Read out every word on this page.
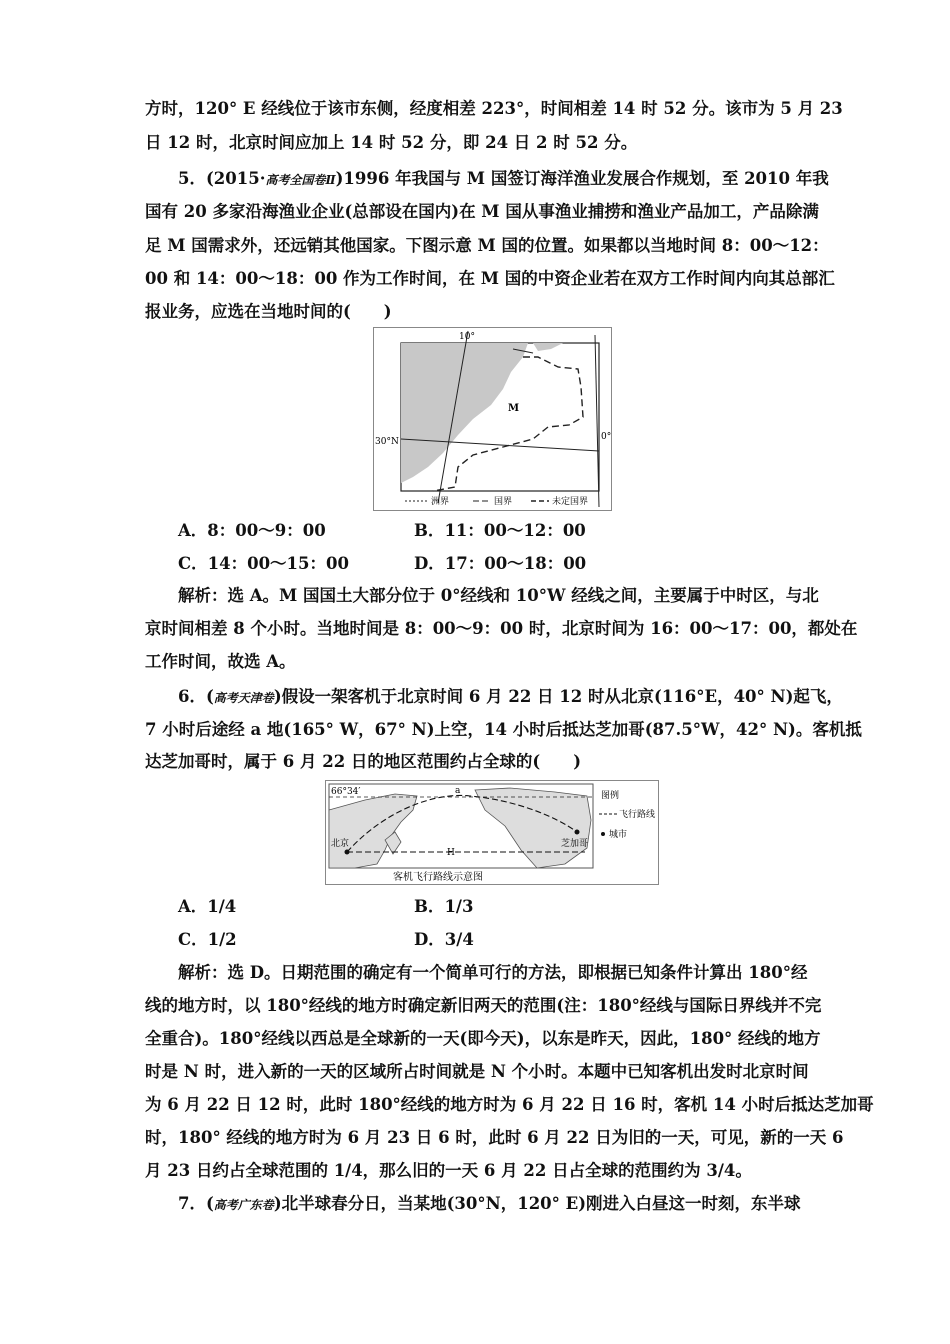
方时，120° E 经线位于该市东侧，经度相差 223°，时间相差 14 时 52 分。该市为 5 月 23
日 12 时，北京时间应加上 14 时 52 分，即 24 日 2 时 52 分。
5．(2015·高考全国卷Ⅱ)1996 年我国与 M 国签订海洋渔业发展合作规划，至 2010 年我
国有 20 多家沿海渔业企业(总部设在国内)在 M 国从事渔业捕捞和渔业产品加工，产品除满
足 M 国需求外，还远销其他国家。下图示意 M 国的位置。如果都以当地时间 8：00～12：
00 和 14：00～18：00 作为工作时间，在 M 国的中资企业若在双方工作时间内向其总部汇
报业务，应选在当地时间的(　　)
10°
30°N	0°
M
洲界	国界	未定国界
A．8：00～9：00	B．11：00～12：00
C．14：00～15：00	D．17：00～18：00
解析：选 A。M 国国土大部分位于 0°经线和 10°W 经线之间，主要属于中时区，与北
京时间相差 8 个小时。当地时间是 8：00～9：00 时，北京时间为 16：00～17：00，都处在
工作时间，故选 A。
6．(高考天津卷)假设一架客机于北京时间 6 月 22 日 12 时从北京(116°E，40° N)起飞，
7 小时后途经 a 地(165° W，67° N)上空，14 小时后抵达芝加哥(87.5°W，42° N)。客机抵
达芝加哥时，属于 6 月 22 日的地区范围约占全球的(　　)
66°34′	a
北京
H
芝加哥
图例
飞行路线
城市
客机飞行路线示意图
A．1/4	B．1/3
C．1/2	D．3/4
解析：选 D。日期范围的确定有一个简单可行的方法，即根据已知条件计算出 180°经
线的地方时，以 180°经线的地方时确定新旧两天的范围(注：180°经线与国际日界线并不完
全重合)。180°经线以西总是全球新的一天(即今天)，以东是昨天，因此，180° 经线的地方
时是 N 时，进入新的一天的区域所占时间就是 N 个小时。本题中已知客机出发时北京时间
为 6 月 22 日 12 时，此时 180°经线的地方时为 6 月 22 日 16 时，客机 14 小时后抵达芝加哥
时，180° 经线的地方时为 6 月 23 日 6 时，此时 6 月 22 日为旧的一天，可见，新的一天 6
月 23 日约占全球范围的 1/4，那么旧的一天 6 月 22 日占全球的范围约为 3/4。
7．(高考广东卷)北半球春分日，当某地(30°N，120° E)刚进入白昼这一时刻，东半球
